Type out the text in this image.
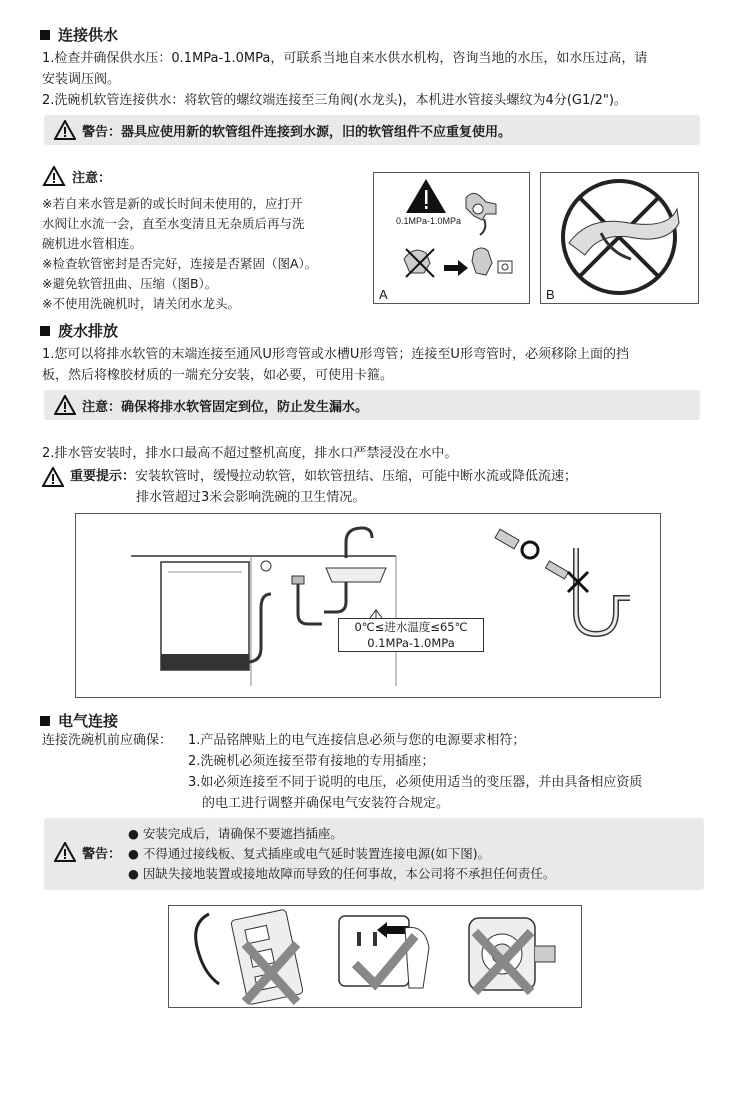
连接供水
1.检查并确保供水压：0.1MPa-1.0MPa，可联系当地自来水供水机构，咨询当地的水压，如水压过高，请
安装调压阀。
2.洗碗机软管连接供水：将软管的螺纹端连接至三角阀(水龙头)，本机进水管接头螺纹为4分(G1/2")。
警告：器具应使用新的软管组件连接到水源，旧的软管组件不应重复使用。
注意：
※若自来水管是新的或长时间未使用的，应打开
水阀让水流一会，直至水变清且无杂质后再与洗
碗机进水管相连。
※检查软管密封是否完好，连接是否紧固（图A）。
※避免软管扭曲、压缩（图B）。
※不使用洗碗机时，请关闭水龙头。
0.1MPa-1.0MPa
A	B
废水排放
1.您可以将排水软管的末端连接至通风U形弯管或水槽U形弯管；连接至U形弯管时，必须移除上面的挡
板，然后将橡胶材质的一端充分安装，如必要，可使用卡箍。
注意：确保将排水软管固定到位，防止发生漏水。
2.排水管安装时，排水口最高不超过整机高度，排水口严禁浸没在水中。
重要提示： 安装软管时，缓慢拉动软管，如软管扭结、压缩，可能中断水流或降低流速；
排水管超过3米会影响洗碗的卫生情况。
0℃≤进水温度≤65℃
0.1MPa-1.0MPa
电气连接
连接洗碗机前应确保： 1.产品铭牌贴上的电气连接信息必须与您的电源要求相符；
2.洗碗机必须连接至带有接地的专用插座；
3.如必须连接至不同于说明的电压，必须使用适当的变压器，并由具备相应资质
的电工进行调整并确保电气安装符合规定。
警告：
● 安装完成后，请确保不要遮挡插座。
● 不得通过接线板、复式插座或电气延时装置连接电源(如下图)。
● 因缺失接地装置或接地故障而导致的任何事故，本公司将不承担任何责任。
